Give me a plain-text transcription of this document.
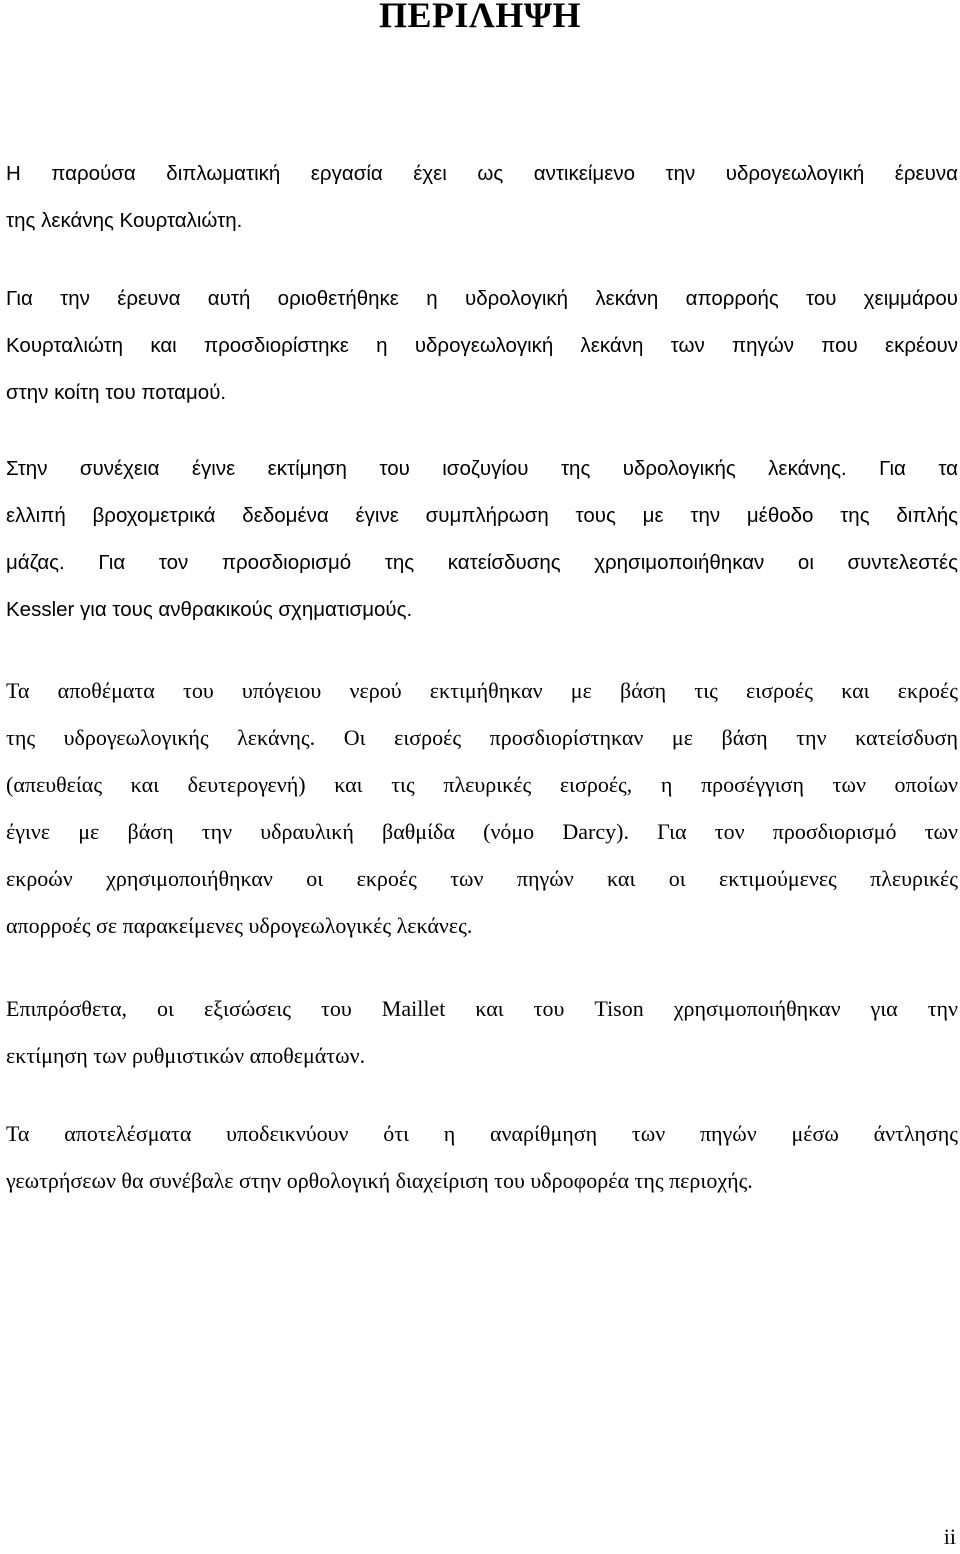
ΠΕΡΙΛΗΨΗ
Η παρούσα διπλωματική εργασία έχει ως αντικείμενο την υδρογεωλογική έρευνα
της λεκάνης Κουρταλιώτη.
Για την έρευνα αυτή οριοθετήθηκε η υδρολογική λεκάνη απορροής του χειμμάρου
Κουρταλιώτη και προσδιορίστηκε η υδρογεωλογική λεκάνη των πηγών που εκρέουν
στην κοίτη του ποταμού.
Στην συνέχεια έγινε εκτίμηση του ισοζυγίου της υδρολογικής λεκάνης. Για τα
ελλιπή βροχομετρικά δεδομένα έγινε συμπλήρωση τους με την μέθοδο της διπλής
μάζας. Για τον προσδιορισμό της κατείσδυσης χρησιμοποιήθηκαν οι συντελεστές
Kessler για τους ανθρακικούς σχηματισμούς.
Τα αποθέματα του υπόγειου νερού εκτιμήθηκαν με βάση τις εισροές και εκροές
της υδρογεωλογικής λεκάνης. Οι εισροές προσδιορίστηκαν με βάση την κατείσδυση
(απευθείας και δευτερογενή) και τις πλευρικές εισροές, η προσέγγιση των οποίων
έγινε με βάση την υδραυλική βαθμίδα (νόμο Darcy). Για τον προσδιορισμό των
εκροών χρησιμοποιήθηκαν οι εκροές των πηγών και οι εκτιμούμενες πλευρικές
απορροές σε παρακείμενες υδρογεωλογικές λεκάνες.
Επιπρόσθετα, οι εξισώσεις του Maillet και του Tison χρησιμοποιήθηκαν για την
εκτίμηση των ρυθμιστικών αποθεμάτων.
Τα αποτελέσματα υποδεικνύουν ότι η αναρίθμηση των πηγών μέσω άντλησης
γεωτρήσεων θα συνέβαλε στην ορθολογική διαχείριση του υδροφορέα της περιοχής.

ii
